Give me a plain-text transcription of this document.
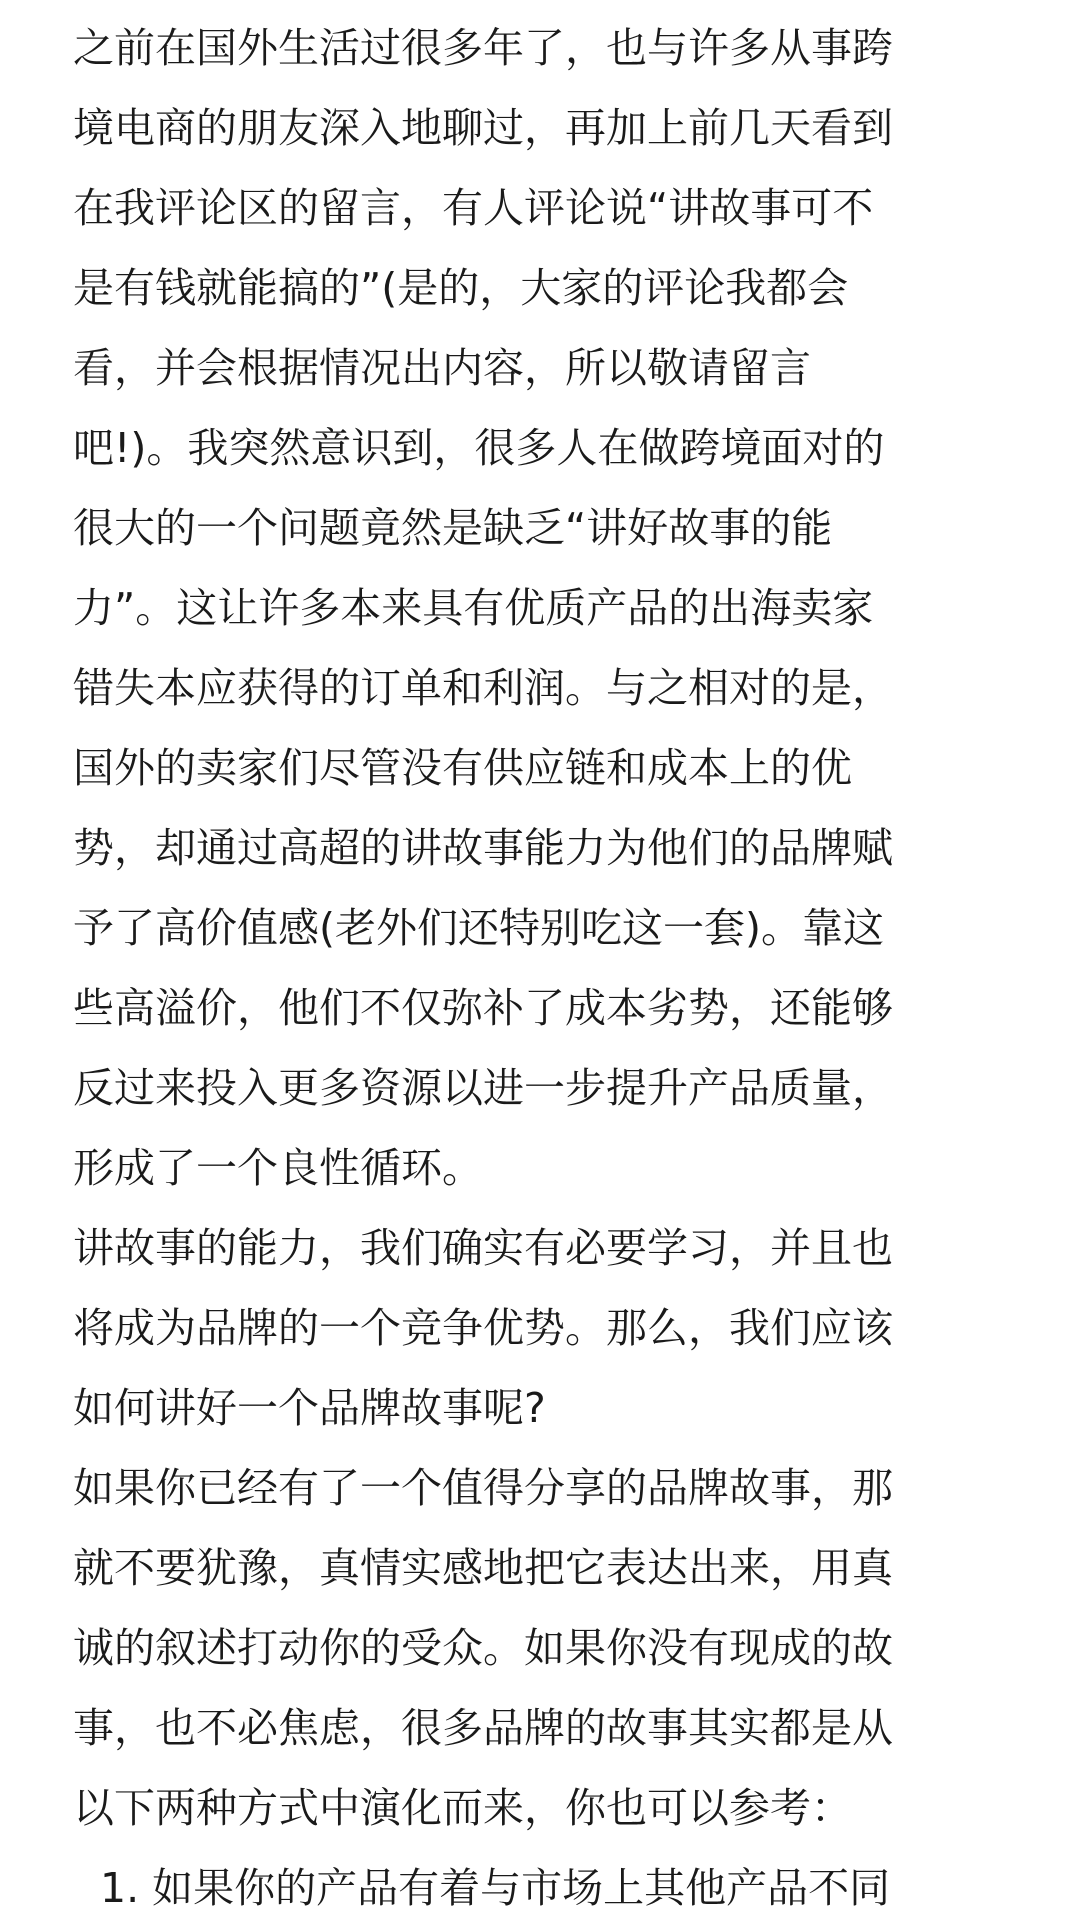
之前在国外生活过很多年了，也与许多从事跨
境电商的朋友深入地聊过，再加上前几天看到
在我评论区的留言，有人评论说“讲故事可不
是有钱就能搞的”(是的，大家的评论我都会
看，并会根据情况出内容，所以敬请留言
吧!)。我突然意识到，很多人在做跨境面对的
很大的一个问题竟然是缺乏“讲好故事的能
力”。这让许多本来具有优质产品的出海卖家
错失本应获得的订单和利润。与之相对的是，
国外的卖家们尽管没有供应链和成本上的优
势，却通过高超的讲故事能力为他们的品牌赋
予了高价值感(老外们还特别吃这一套)。靠这
些高溢价，他们不仅弥补了成本劣势，还能够
反过来投入更多资源以进一步提升产品质量，
形成了一个良性循环。
讲故事的能力，我们确实有必要学习，并且也
将成为品牌的一个竞争优势。那么，我们应该
如何讲好一个品牌故事呢?
如果你已经有了一个值得分享的品牌故事，那
就不要犹豫，真情实感地把它表达出来，用真
诚的叙述打动你的受众。如果你没有现成的故
事，也不必焦虑，很多品牌的故事其实都是从
以下两种方式中演化而来，你也可以参考：
1. 如果你的产品有着与市场上其他产品不同
